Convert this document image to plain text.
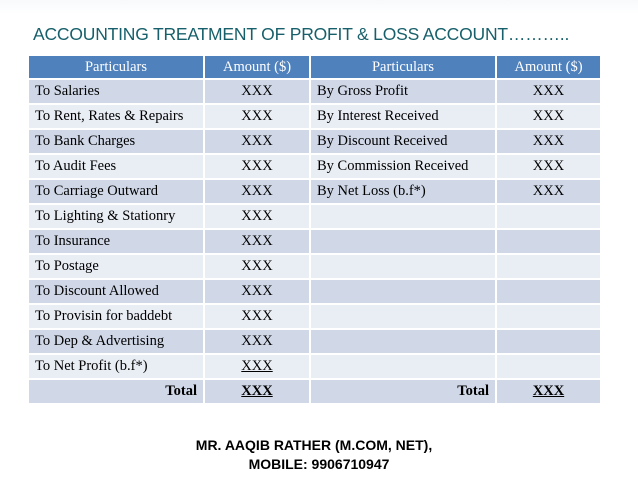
ACCOUNTING TREATMENT OF PROFIT & LOSS ACCOUNT………..
Particulars	Amount ($)	Particulars	Amount ($)
To Salaries	XXX	By Gross Profit	XXX
To Rent, Rates & Repairs	XXX	By Interest Received	XXX
To Bank Charges	XXX	By Discount Received	XXX
To Audit Fees	XXX	By Commission Received	XXX
To Carriage Outward	XXX	By Net Loss (b.f*)	XXX
To Lighting & Stationry	XXX		
To Insurance	XXX		
To Postage	XXX		
To Discount Allowed	XXX		
To Provisin for baddebt	XXX		
To Dep & Advertising	XXX		
To Net Profit (b.f*)	XXX		
Total	XXX	Total	XXX
MR. AAQIB RATHER (M.COM, NET),
MOBILE: 9906710947
